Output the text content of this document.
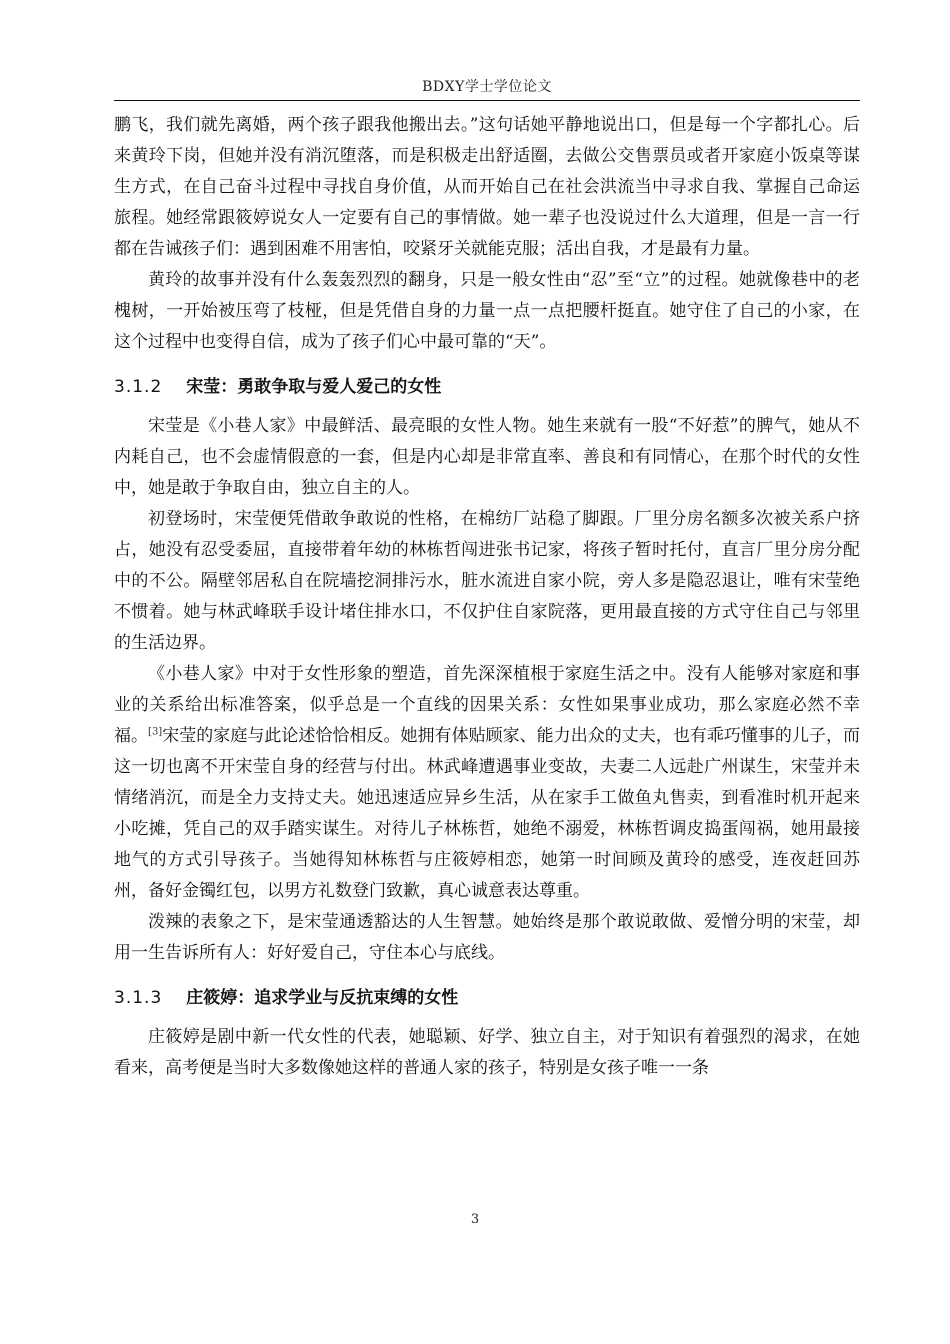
BDXY学士学位论文

鹏飞，我们就先离婚，两个孩子跟我他搬出去。”这句话她平静地说出口，但是每一个字都扎心。后来黄玲下岗，但她并没有消沉堕落，而是积极走出舒适圈，去做公交售票员或者开家庭小饭桌等谋生方式，在自己奋斗过程中寻找自身价值，从而开始自己在社会洪流当中寻求自我、掌握自己命运旅程。她经常跟筱婷说女人一定要有自己的事情做。她一辈子也没说过什么大道理，但是一言一行都在告诫孩子们：遇到困难不用害怕，咬紧牙关就能克服；活出自我，才是最有力量。

黄玲的故事并没有什么轰轰烈烈的翻身，只是一般女性由“忍”至“立”的过程。她就像巷中的老槐树，一开始被压弯了枝桠，但是凭借自身的力量一点一点把腰杆挺直。她守住了自己的小家，在这个过程中也变得自信，成为了孩子们心中最可靠的“天”。

3.1.2 宋莹：勇敢争取与爱人爱己的女性

宋莹是《小巷人家》中最鲜活、最亮眼的女性人物。她生来就有一股“不好惹”的脾气，她从不内耗自己，也不会虚情假意的一套，但是内心却是非常直率、善良和有同情心，在那个时代的女性中，她是敢于争取自由，独立自主的人。

初登场时，宋莹便凭借敢争敢说的性格，在棉纺厂站稳了脚跟。厂里分房名额多次被关系户挤占，她没有忍受委屈，直接带着年幼的林栋哲闯进张书记家，将孩子暂时托付，直言厂里分房分配中的不公。隔壁邻居私自在院墙挖洞排污水，脏水流进自家小院，旁人多是隐忍退让，唯有宋莹绝不惯着。她与林武峰联手设计堵住排水口，不仅护住自家院落，更用最直接的方式守住自己与邻里的生活边界。

《小巷人家》中对于女性形象的塑造，首先深深植根于家庭生活之中。没有人能够对家庭和事业的关系给出标准答案，似乎总是一个直线的因果关系：女性如果事业成功，那么家庭必然不幸福。[3]宋莹的家庭与此论述恰恰相反。她拥有体贴顾家、能力出众的丈夫，也有乖巧懂事的儿子，而这一切也离不开宋莹自身的经营与付出。林武峰遭遇事业变故，夫妻二人远赴广州谋生，宋莹并未情绪消沉，而是全力支持丈夫。她迅速适应异乡生活，从在家手工做鱼丸售卖，到看准时机开起来小吃摊，凭自己的双手踏实谋生。对待儿子林栋哲，她绝不溺爱，林栋哲调皮捣蛋闯祸，她用最接地气的方式引导孩子。当她得知林栋哲与庄筱婷相恋，她第一时间顾及黄玲的感受，连夜赶回苏州，备好金镯红包，以男方礼数登门致歉，真心诚意表达尊重。

泼辣的表象之下，是宋莹通透豁达的人生智慧。她始终是那个敢说敢做、爱憎分明的宋莹，却用一生告诉所有人：好好爱自己，守住本心与底线。

3.1.3 庄筱婷：追求学业与反抗束缚的女性

庄筱婷是剧中新一代女性的代表，她聪颖、好学、独立自主，对于知识有着强烈的渴求，在她看来，高考便是当时大多数像她这样的普通人家的孩子，特别是女孩子唯一一条

3
